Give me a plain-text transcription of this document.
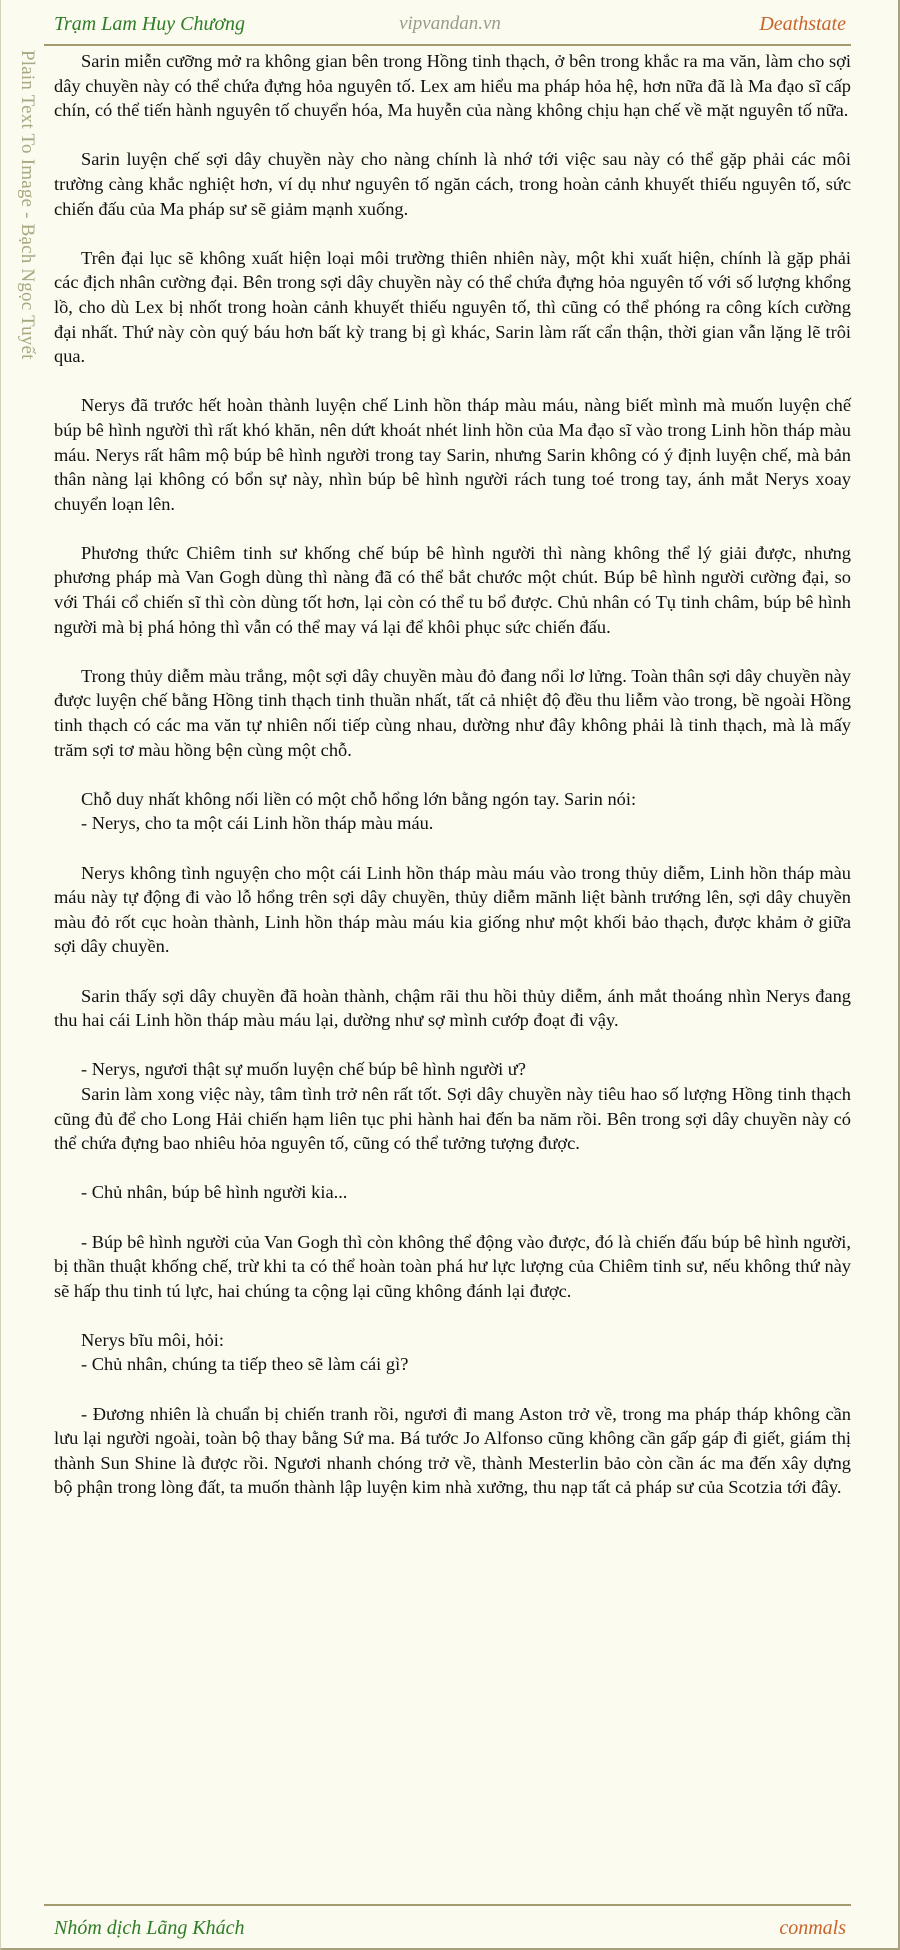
Trạm Lam Huy Chương	vipvandan.vn	Deathstate
Plain Text To Image - Bạch Ngọc Tuyết	Sarin miễn cưỡng mở ra không gian bên trong Hồng tinh thạch, ở bên trong khắc ra ma văn, làm cho sợi dây chuyền này có thể chứa đựng hỏa nguyên tố. Lex am hiểu ma pháp hỏa hệ, hơn nữa đã là Ma đạo sĩ cấp chín, có thể tiến hành nguyên tố chuyển hóa, Ma huyễn của nàng không chịu hạn chế về mặt nguyên tố nữa.

Sarin luyện chế sợi dây chuyền này cho nàng chính là nhớ tới việc sau này có thể gặp phải các môi trường càng khắc nghiệt hơn, ví dụ như nguyên tố ngăn cách, trong hoàn cảnh khuyết thiếu nguyên tố, sức chiến đấu của Ma pháp sư sẽ giảm mạnh xuống.

Trên đại lục sẽ không xuất hiện loại môi trường thiên nhiên này, một khi xuất hiện, chính là gặp phải các địch nhân cường đại. Bên trong sợi dây chuyền này có thể chứa đựng hỏa nguyên tố với số lượng khổng lồ, cho dù Lex bị nhốt trong hoàn cảnh khuyết thiếu nguyên tố, thì cũng có thể phóng ra công kích cường đại nhất. Thứ này còn quý báu hơn bất kỳ trang bị gì khác, Sarin làm rất cẩn thận, thời gian vẫn lặng lẽ trôi qua.

Nerys đã trước hết hoàn thành luyện chế Linh hồn tháp màu máu, nàng biết mình mà muốn luyện chế búp bê hình người thì rất khó khăn, nên dứt khoát nhét linh hồn của Ma đạo sĩ vào trong Linh hồn tháp màu máu. Nerys rất hâm mộ búp bê hình người trong tay Sarin, nhưng Sarin không có ý định luyện chế, mà bản thân nàng lại không có bổn sự này, nhìn búp bê hình người rách tung toé trong tay, ánh mắt Nerys xoay chuyển loạn lên.

Phương thức Chiêm tinh sư khống chế búp bê hình người thì nàng không thể lý giải được, nhưng phương pháp mà Van Gogh dùng thì nàng đã có thể bắt chước một chút. Búp bê hình người cường đại, so với Thái cổ chiến sĩ thì còn dùng tốt hơn, lại còn có thể tu bổ được. Chủ nhân có Tụ tinh châm, búp bê hình người mà bị phá hỏng thì vẫn có thể may vá lại để khôi phục sức chiến đấu.

Trong thủy diễm màu trắng, một sợi dây chuyền màu đỏ đang nổi lơ lửng. Toàn thân sợi dây chuyền này được luyện chế bằng Hồng tinh thạch tinh thuần nhất, tất cả nhiệt độ đều thu liễm vào trong, bề ngoài Hồng tinh thạch có các ma văn tự nhiên nối tiếp cùng nhau, dường như đây không phải là tinh thạch, mà là mấy trăm sợi tơ màu hồng bện cùng một chỗ.

Chỗ duy nhất không nối liền có một chỗ hổng lớn bằng ngón tay. Sarin nói:

- Nerys, cho ta một cái Linh hồn tháp màu máu.

Nerys không tình nguyện cho một cái Linh hồn tháp màu máu vào trong thủy diễm, Linh hồn tháp màu máu này tự động đi vào lỗ hổng trên sợi dây chuyền, thủy diễm mãnh liệt bành trướng lên, sợi dây chuyền màu đỏ rốt cục hoàn thành, Linh hồn tháp màu máu kia giống như một khối bảo thạch, được khảm ở giữa sợi dây chuyền.

Sarin thấy sợi dây chuyền đã hoàn thành, chậm rãi thu hồi thủy diễm, ánh mắt thoáng nhìn Nerys đang thu hai cái Linh hồn tháp màu máu lại, dường như sợ mình cướp đoạt đi vậy.

- Nerys, ngươi thật sự muốn luyện chế búp bê hình người ư?

Sarin làm xong việc này, tâm tình trở nên rất tốt. Sợi dây chuyền này tiêu hao số lượng Hồng tinh thạch cũng đủ để cho Long Hải chiến hạm liên tục phi hành hai đến ba năm rồi. Bên trong sợi dây chuyền này có thể chứa đựng bao nhiêu hỏa nguyên tố, cũng có thể tưởng tượng được.

- Chủ nhân, búp bê hình người kia...

- Búp bê hình người của Van Gogh thì còn không thể động vào được, đó là chiến đấu búp bê hình người, bị thần thuật khống chế, trừ khi ta có thể hoàn toàn phá hư lực lượng của Chiêm tinh sư, nếu không thứ này sẽ hấp thu tinh tú lực, hai chúng ta cộng lại cũng không đánh lại được.

Nerys bĩu môi, hỏi:

- Chủ nhân, chúng ta tiếp theo sẽ làm cái gì?

- Đương nhiên là chuẩn bị chiến tranh rồi, ngươi đi mang Aston trở về, trong ma pháp tháp không cần lưu lại người ngoài, toàn bộ thay bằng Sứ ma. Bá tước Jo Alfonso cũng không cần gấp gáp đi giết, giám thị thành Sun Shine là được rồi. Ngươi nhanh chóng trở về, thành Mesterlin bảo còn cần ác ma đến xây dựng bộ phận trong lòng đất, ta muốn thành lập luyện kim nhà xưởng, thu nạp tất cả pháp sư của Scotzia tới đây.

Nhóm dịch Lãng Khách	conmals
